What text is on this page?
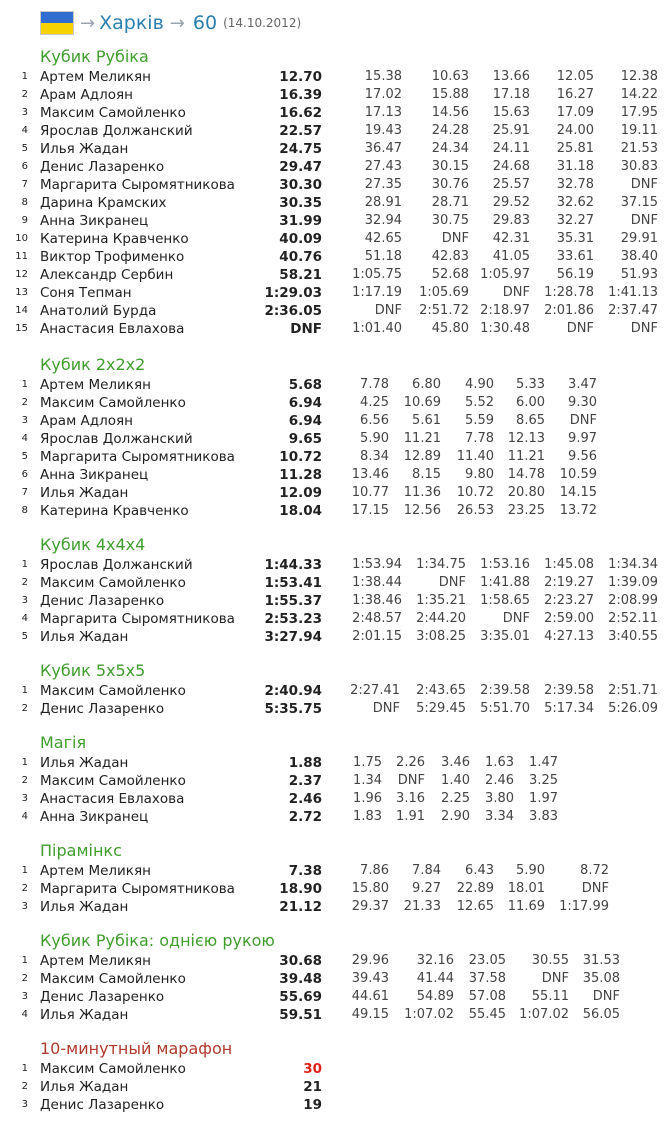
→ Харків → 60 (14.10.2012)
Кубик Рубіка
1 Артем Меликян	12.70	15.38 10.63 13.66 12.05 12.38
2 Арам Адлоян	16.39	17.02 15.88 17.18 16.27 14.22
3 Максим Самойленко	16.62	17.13 14.56 15.63 17.09 17.95
4 Ярослав Должанский	22.57	19.43 24.28 25.91 24.00 19.11
5 Илья Жадан	24.75	36.47 24.34 24.11 25.81 21.53
6 Денис Лазаренко	29.47	27.43 30.15 24.68 31.18 30.83
7 Маргарита Сыромятникова	30.30	27.35 30.76 25.57 32.78	DNF
8 Дарина Крамских	30.35	28.91 28.71 29.52 32.62 37.15
9 Анна Зикранец	31.99	32.94 30.75 29.83 32.27	DNF
10 Катерина Кравченко	40.09	42.65	DNF 42.31 35.31 29.91
11 Виктор Трофименко	40.76	51.18 42.83 41.05 33.61 38.40
12 Александр Сербин	58.21 1:05.75 52.68 1:05.97 56.19 51.93
13 Соня Тепман	1:29.03 1:17.19 1:05.69	DNF 1:28.78 1:41.13
14 Анатолий Бурда	2:36.05	DNF 2:51.72 2:18.97 2:01.86 2:37.47
15 Анастасия Евлахова	DNF 1:01.40 45.80 1:30.48	DNF	DNF
Кубик 2x2x2
1 Артем Меликян	5.68	7.78 6.80 4.90 5.33 3.47
2 Максим Самойленко	6.94	4.25 10.69 5.52 6.00 9.30
3 Арам Адлоян	6.94	6.56 5.61 5.59 8.65 DNF
4 Ярослав Должанский	9.65	5.90 11.21 7.78 12.13 9.97
5 Маргарита Сыромятникова	10.72	8.34 12.89 11.40 11.21 9.56
6 Анна Зикранец	11.28 13.46 8.15 9.80 14.78 10.59
7 Илья Жадан	12.09 10.77 11.36 10.72 20.80 14.15
8 Катерина Кравченко	18.04 17.15 12.56 26.53 23.25 13.72
Кубик 4x4x4
1 Ярослав Должанский	1:44.33 1:53.94 1:34.75 1:53.16 1:45.08 1:34.34
2 Максим Самойленко	1:53.41 1:38.44	DNF 1:41.88 2:19.27 1:39.09
3 Денис Лазаренко	1:55.37 1:38.46 1:35.21 1:58.65 2:23.27 2:08.99
4 Маргарита Сыромятникова 2:53.23 2:48.57 2:44.20	DNF 2:59.00 2:52.11
5 Илья Жадан	3:27.94 2:01.15 3:08.25 3:35.01 4:27.13 3:40.55
Кубик 5x5x5
1 Максим Самойленко	2:40.94 2:27.41 2:43.65 2:39.58 2:39.58 2:51.71
2 Денис Лазаренко	5:35.75	DNF 5:29.45 5:51.70 5:17.34 5:26.09
Магія
1 Илья Жадан	1.88 1.75 2.26 3.46 1.63 1.47
2 Максим Самойленко	2.37 1.34 DNF 1.40 2.46 3.25
3 Анастасия Евлахова	2.46 1.96 3.16 2.25 3.80 1.97
4 Анна Зикранец	2.72 1.83 1.91 2.90 3.34 3.83
Пірамінкс
1 Артем Меликян	7.38	7.86 7.84 6.43 5.90	8.72
2 Маргарита Сыромятникова	18.90 15.80 9.27 22.89 18.01	DNF
3 Илья Жадан	21.12 29.37 21.33 12.65 11.69 1:17.99
Кубик Рубіка: однією рукою
1 Артем Меликян	30.68 29.96 32.16 23.05 30.55 31.53
2 Максим Самойленко	39.48 39.43 41.44 37.58	DNF 35.08
3 Денис Лазаренко	55.69 44.61 54.89 57.08 55.11 DNF
4 Илья Жадан	59.51 49.15 1:07.02 55.45 1:07.02 56.05
10-минутный марафон
1 Максим Самойленко	30
2 Илья Жадан	21
3 Денис Лазаренко	19
